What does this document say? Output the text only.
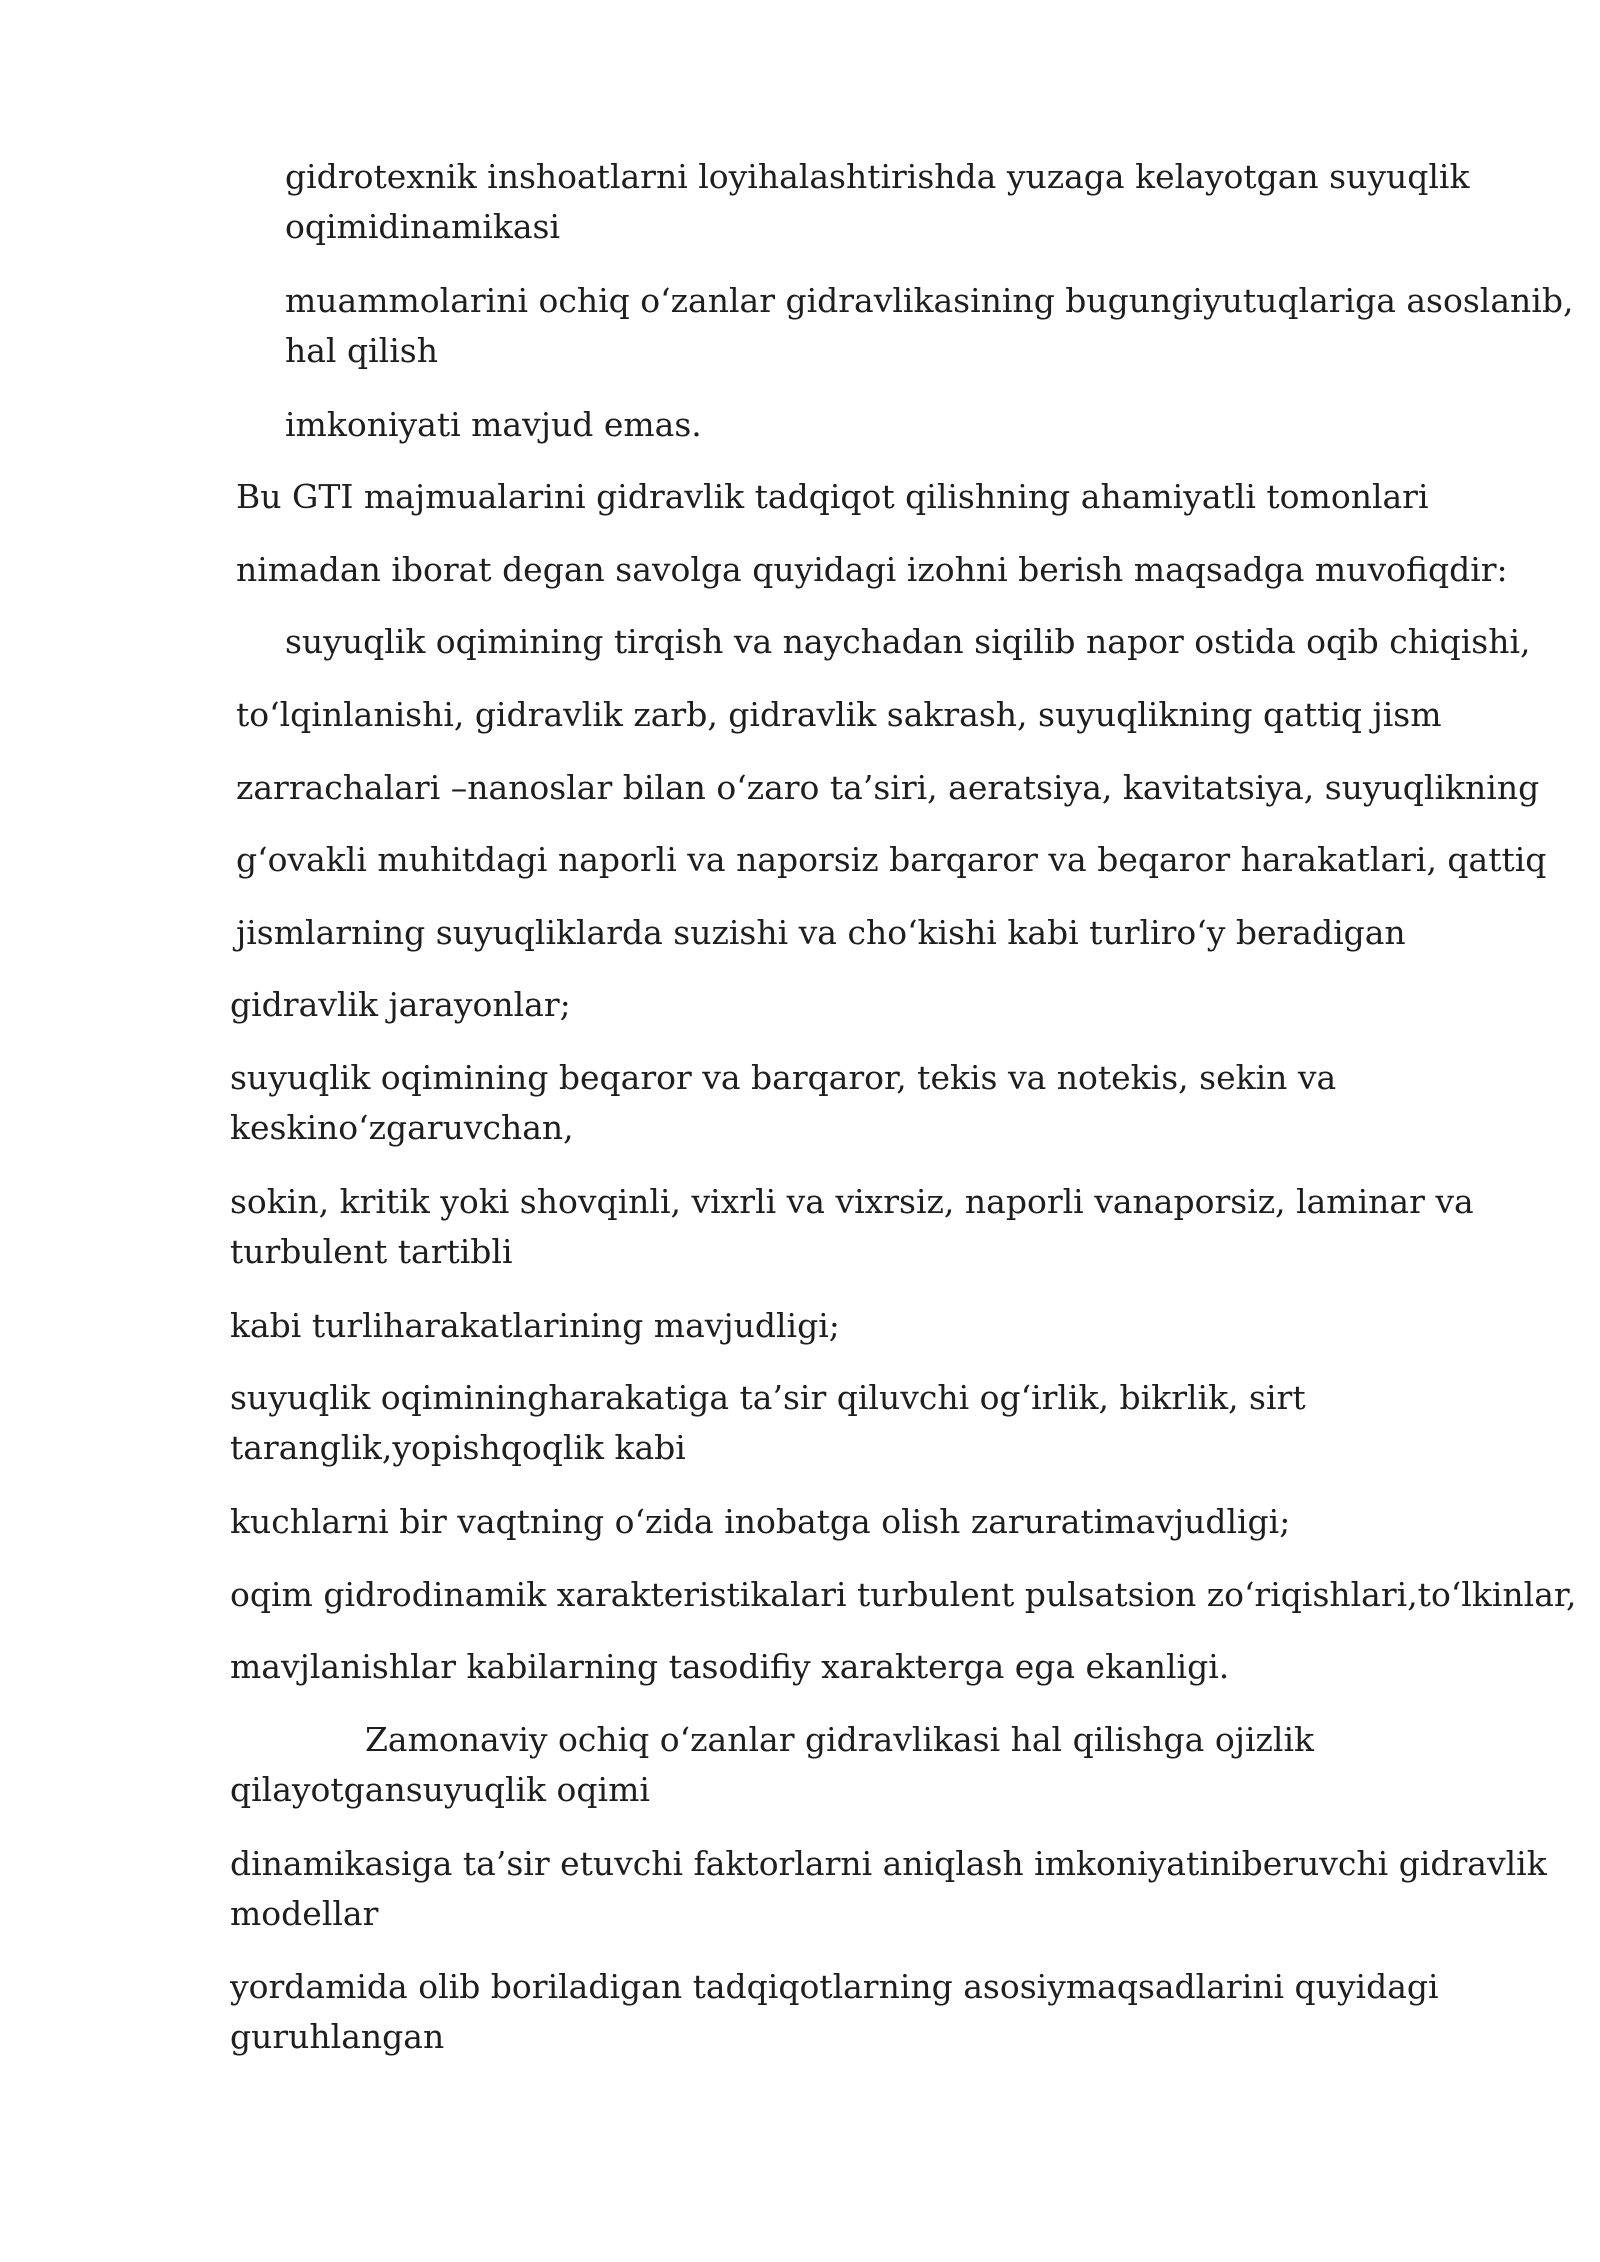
gidrotexnik inshoatlarni loyihalashtirishda yuzaga kelayotgan suyuqlik
oqimidinamikasi

muammolarini ochiq o‘zanlar gidravlikasining bugungiyutuqlariga asoslanib,
hal qilish

imkoniyati mavjud emas.

Bu GTI majmualarini gidravlik tadqiqot qilishning ahamiyatli tomonlari

nimadan iborat degan savolga quyidagi izohni berish maqsadga muvofiqdir:

suyuqlik oqimining tirqish va naychadan siqilib napor ostida oqib chiqishi,

to‘lqinlanishi, gidravlik zarb, gidravlik sakrash, suyuqlikning qattiq jism

zarrachalari –nanoslar bilan o‘zaro ta’siri, aeratsiya, kavitatsiya, suyuqlikning

g‘ovakli muhitdagi naporli va naporsiz barqaror va beqaror harakatlari, qattiq

jismlarning suyuqliklarda suzishi va cho‘kishi kabi turliro‘y beradigan

gidravlik jarayonlar;

suyuqlik oqimining beqaror va barqaror, tekis va notekis, sekin va
keskino‘zgaruvchan,

sokin, kritik yoki shovqinli, vixrli va vixrsiz, naporli vanaporsiz, laminar va
turbulent tartibli

kabi turliharakatlarining mavjudligi;

suyuqlik oqiminingharakatiga ta’sir qiluvchi og‘irlik, bikrlik, sirt
taranglik,yopishqoqlik kabi

kuchlarni bir vaqtning o‘zida inobatga olish zaruratimavjudligi;

oqim gidrodinamik xarakteristikalari turbulent pulsatsion zo‘riqishlari,to‘lkinlar,

mavjlanishlar kabilarning tasodifiy xarakterga ega ekanligi.

Zamonaviy ochiq o‘zanlar gidravlikasi hal qilishga ojizlik
qilayotgansuyuqlik oqimi

dinamikasiga ta’sir etuvchi faktorlarni aniqlash imkoniyatiniberuvchi gidravlik
modellar

yordamida olib boriladigan tadqiqotlarning asosiymaqsadlarini quyidagi
guruhlangan
